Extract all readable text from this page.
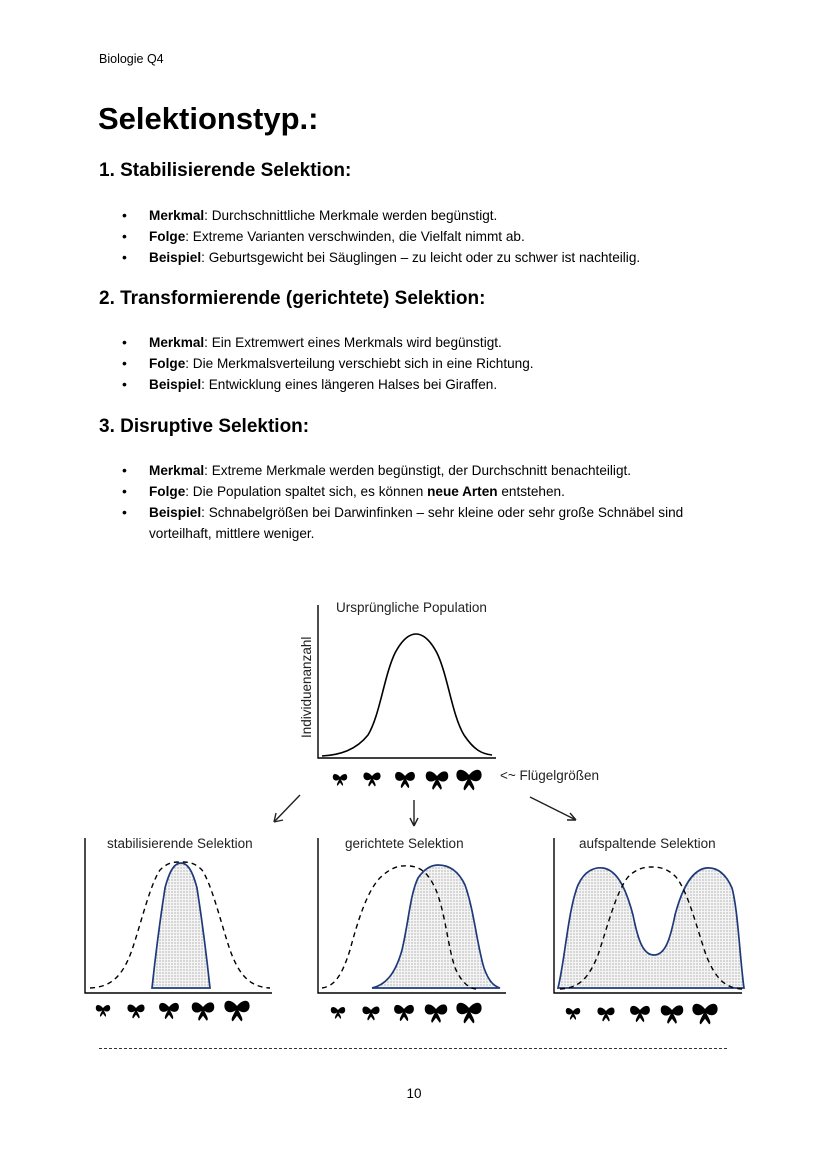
Biologie Q4
Selektionstyp.:
1. Stabilisierende Selektion:
• Merkmal: Durchschnittliche Merkmale werden begünstigt.
• Folge: Extreme Varianten verschwinden, die Vielfalt nimmt ab.
• Beispiel: Geburtsgewicht bei Säuglingen – zu leicht oder zu schwer ist nachteilig.
2. Transformierende (gerichtete) Selektion:
• Merkmal: Ein Extremwert eines Merkmals wird begünstigt.
• Folge: Die Merkmalsverteilung verschiebt sich in eine Richtung.
• Beispiel: Entwicklung eines längeren Halses bei Giraffen.
3. Disruptive Selektion:
• Merkmal: Extreme Merkmale werden begünstigt, der Durchschnitt benachteiligt.
• Folge: Die Population spaltet sich, es können neue Arten entstehen.
• Beispiel: Schnabelgrößen bei Darwinfinken – sehr kleine oder sehr große Schnäbel sind vorteilhaft, mittlere weniger.
Ursprüngliche Population
Individuenanzahl
<~ Flügelgrößen
stabilisierende Selektion	gerichtete Selektion	aufspaltende Selektion
10
